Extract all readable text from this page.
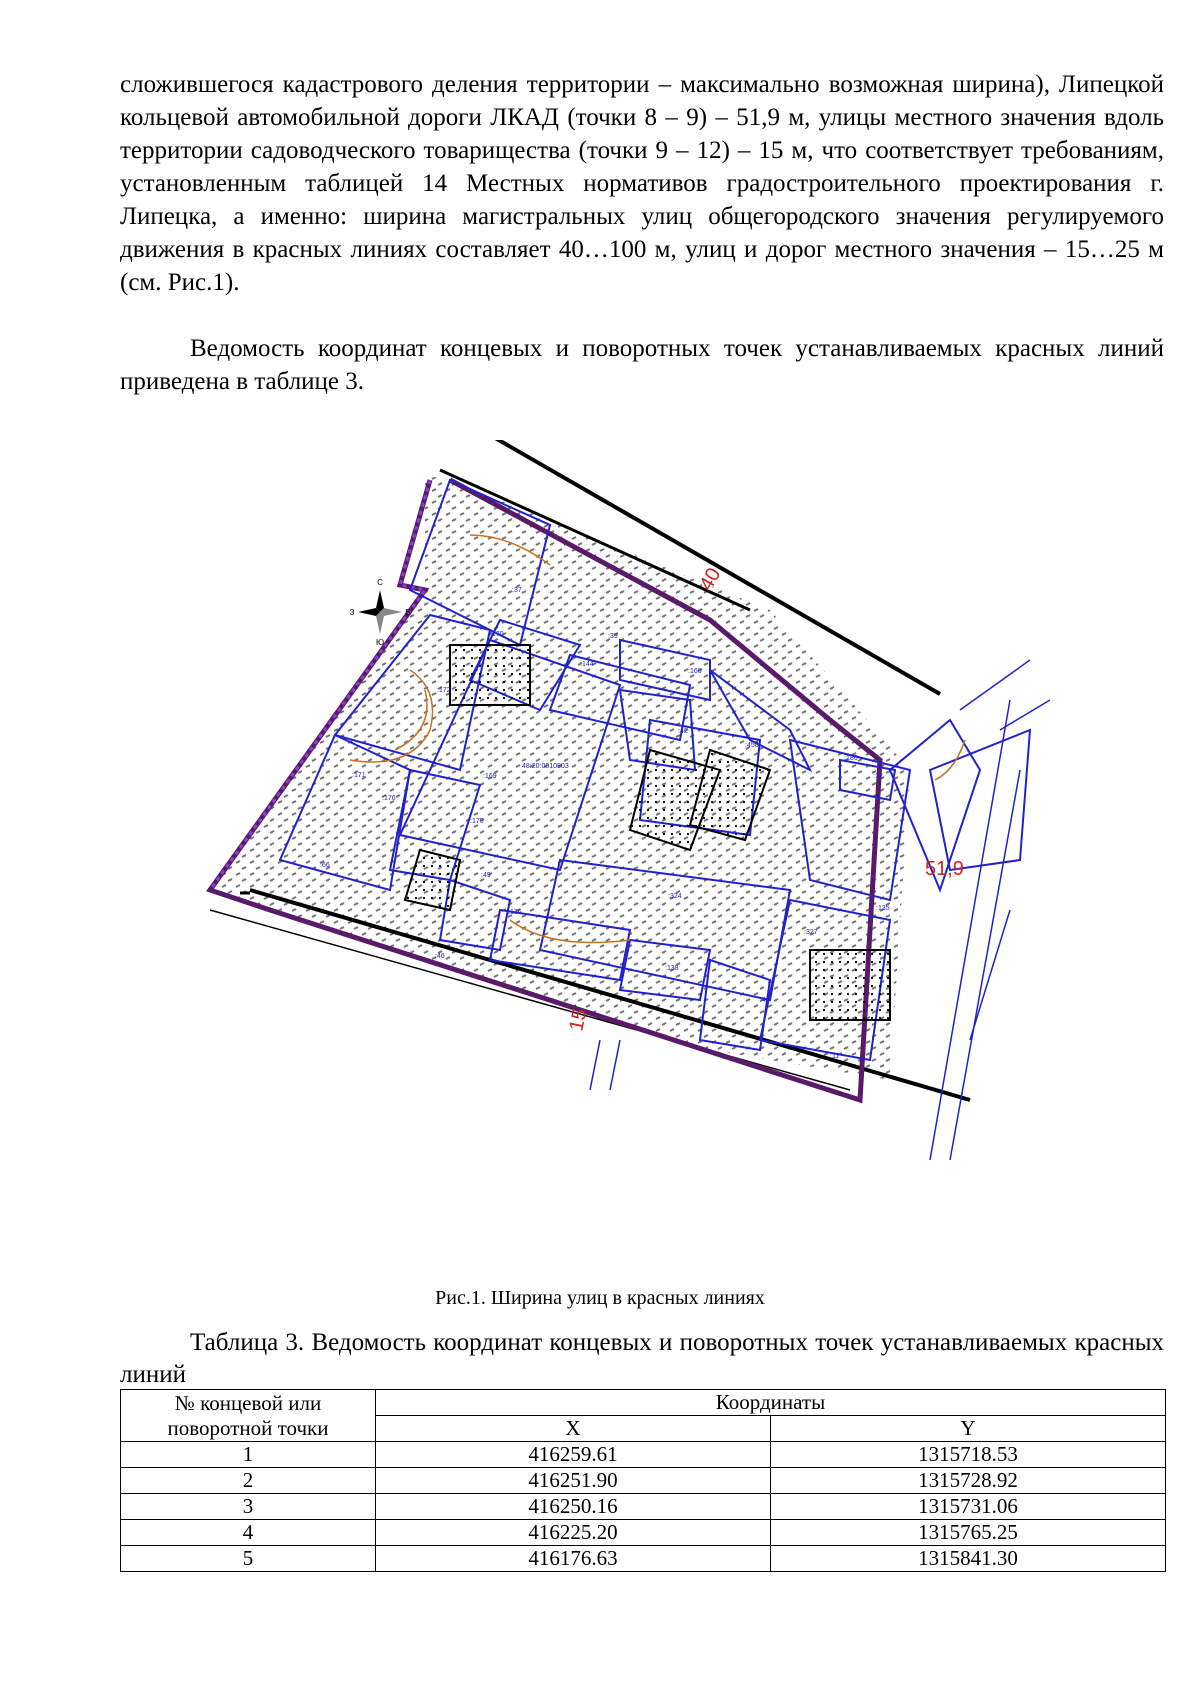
сложившегося кадастрового деления территории – максимально возможная ширина), Липецкой кольцевой автомобильной дороги ЛКАД (точки 8 – 9) – 51,9 м, улицы местного значения вдоль территории садоводческого товарищества (точки 9 – 12) – 15 м, что соответствует требованиям, установленным таблицей 14 Местных нормативов градостроительного проектирования г. Липецка, а именно: ширина магистральных улиц общегородского значения регулируемого движения в красных линиях составляет 40…100 м, улиц и дорог местного значения – 15…25 м (см. Рис.1).

Ведомость координат концевых и поворотных точек устанавливаемых красных линий приведена в таблице 3.

С
В
Ю
З
40
51,9
15
:37
:170	:39
:144
:168
:172
:169
:42
:458
48:20:0010803
:171
:176
:175
:66
:49
:186
:12
:136
:46
:324
:135
:327
:138
:48
:11
Рис.1. Ширина улиц в красных линиях

Таблица 3. Ведомость координат концевых и поворотных точек устанавливаемых красных линий

№ концевой или поворотной точки	Координаты	
	X	Y
1	416259.61	1315718.53
2	416251.90	1315728.92
3	416250.16	1315731.06
4	416225.20	1315765.25
5	416176.63	1315841.30
